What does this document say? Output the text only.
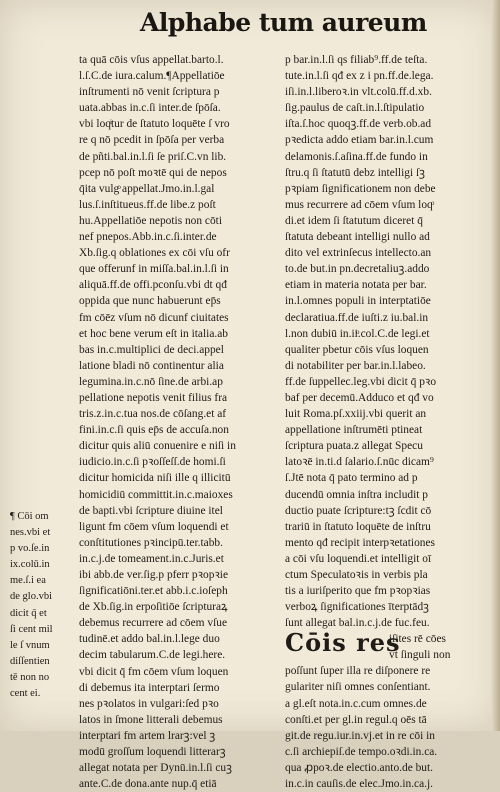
Alphabe tum aureum
ta quā cōis vſus appellat.barto.l.
l.ſ.C.de iura.calum.¶Appellatiōe
inſtrumenti nō venit ſcriptura p
uata.abbas in.c.ſi inter.de ſpōſa.
vbi loqͥtur de ſtatuto loquēte ſ vro
re q nō pcedit in ſpōſa per verba
de pñti.bal.in.l.ſi ſe priſ.C.vn lib.
pcep nō poſt moꝛtē qui de nepos
q̄ita vulgͦ appellat.Jmo.in.l.gal
lus.ſ.inſtitueus.ff.de libe.z poſt
hu.Appellatiōe nepotis non cōti
nef pnepos.Abb.in.c.ſi.inter.de
Xb.ſig.q oblationes ex cōi vſu ofr
que offerunf in miſſa.bal.in.l.ſi in
aliquā.ff.de offi.pconſu.vbi dt qđ
oppida que nunc habuerunt ep̄s
fm cōēz vſum nō dicunf ciuitates
et hoc bene verum eſt in italia.ab
bas in.c.multiplici de deci.appel
latione bladi nō continentur alia
legumina.in.c.nō ſine.de arbi.ap
pellatione nepotis venit filius fra
tris.z.in.c.tua nos.de cōſang.et af
fini.in.c.ſi quis ep̄s de accuſa.non
dicitur quis aliū conuenire e niſi in
iudicio.in.c.ſi pꝛoſſeſſ.de homi.ſi
dicitur homicida niſi ille q illicitū
homicidiū committit.in.c.maioxes
de bapti.vbi ſcripture diuine itel
ligunt fm cōem vſum loquendi et
conſtitutiones pꝛincipū.ter.tabb.
in.c.j.de tomeament.in.c.Juris.et
ibi abb.de ver.ſig.p pferr pꝛopꝛie
ſignificatiōni.ter.et abb.i.c.ioſeph
de Xb.ſig.in erpoſitiōe ſcripturaꝝ
debemus recurrere ad cōem vſue
tudinē.et addo bal.in.l.lege duo
decim tabularum.C.de legi.here.
vbi dicit q̄ fm cōem vſum loquen
di debemus ita interptari ſermo
nes pꝛolatos in vulgari:ſed pꝛo
latos in ſmone litterali debemus
interptari fm artem lrarꝫ:vel ꝫ
modū groſſum loquendi litterarꝫ
allegat notata per Dynū.in.l.ſi cuꝫ
ante.C.de dona.ante nup.q̄ etiā
p bar.in.l.ſi qs filiab⁹.ff.de teſta.
tute.in.l.ſi qđ ex z i pn.ff.de.lega.
iſi.in.l.liberoꝛ.in vlt.colū.ff.d.xb.
ſig.paulus de caſt.in.l.ſtipulatio
iſta.ſ.hoc quoqꝫ.ff.de verb.ob.ad
pꝛedicta addo etiam bar.in.l.cum
delamonis.ſ.aſina.ff.de fundo in
ſtru.q ſi ſtatutū debz intelligi ſꝫ
pꝛpiam ſignificationem non debe
mus recurrere ad cōem vſum loqͦ
di.et idem ſi ſtatutum diceret q̄
ſtatuta debeant intelligi nullo ad
dito vel extrinſecus intellecto.an
to.de but.in pn.decretaliuꝫ.addo
etiam in materia notata per bar.
in.l.omnes populi in interptatiōe
declaratiua.ff.de iuſti.z iu.bal.in
l.non dubiū in.iiͦ.col.C.de legi.et
qualiter pbetur cōis vſus loquen
di notabiliter per bar.in.l.labeo.
ff.de ſuppellec.leg.vbi dicit q̄ pꝛo
baf per decemū.Adduco et qđ vo
luit Roma.pſ.xxiij.vbi querit an
appellatione inſtrumēti ptineat
ſcriptura puata.z allegat Specu
latoꝛē in.ti.d ſalario.ſ.nūc dicam⁹
ſ.Jtē nota q̄ pato termino ad p
ducendū omnia inſtra includit p
ductio puate ſcripture:tꝫ ſcdit cō
trariū in ſtatuto loquēte de inſtru
mento qđ recipit interpꝛetationes
a cōi vſu loquendi.et intelligit oī
ctum Speculatoꝛis in verbis pla
tis a iuriſperito que fm pꝛopꝛias
verboꝝ ſignificationes īterptādꝫ
ſunt allegat bal.in.c.j.de fuc.feu.
Cōis res
iſites rē cōes
vt ſinguli non
poſſunt ſuper illa re diſponere re
gulariter niſi omnes conſentiant.
a gl.eſt nota.in.c.cum omnes.de
conſti.et per gl.in regul.q oēs tā
git.de regu.iur.in.vj.et in re cōi in
c.ſi archiepiſ.de tempo.oꝛdi.in.ca.
qua ꝓpoꝛ.de electio.anto.de but.
in.c.in cauſis.de elec.Jmo.in.ca.j.
¶ Cōi om
nes.vbi et
p vo.ſe.in
ix.colū.in
me.ſ.i ea
de glo.vbi
dicit q̄ et
ſi cent mil
le ſ vnum
diſſentien
tē non no
cent ei.
